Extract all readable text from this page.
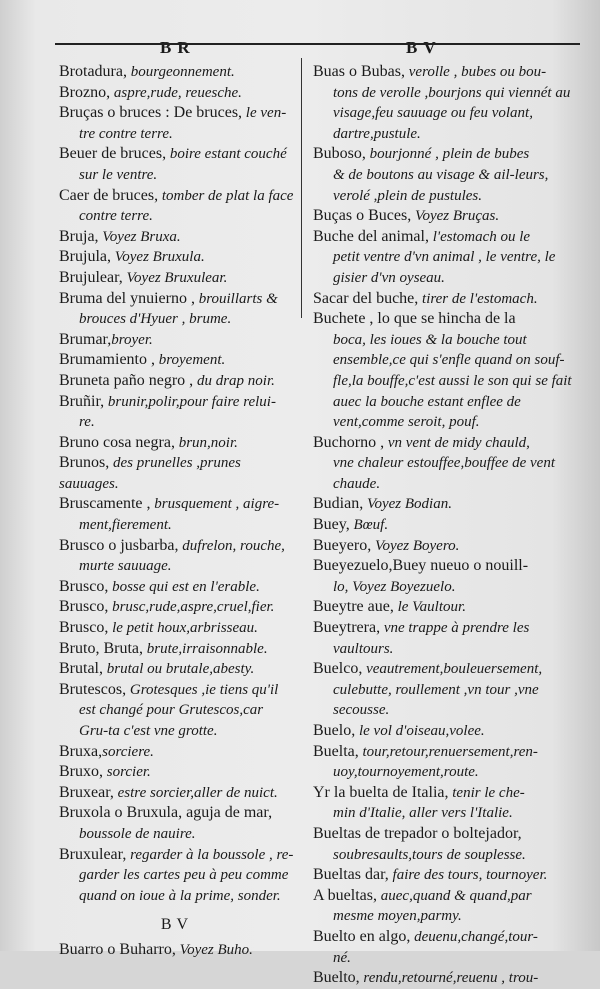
BR	BV

Brotadura, bourgeonnement.

Brozno, aspre,rude, reuesche.

Bruças o bruces : De bruces, le ven-
tre contre terre.

Beuer de bruces, boire estant couché
sur le ventre.

Caer de bruces, tomber de plat la face
contre terre.

Bruja, Voyez Bruxa.

Brujula, Voyez Bruxula.

Brujulear, Voyez Bruxulear.

Bruma del ynuierno , brouillarts &
brouces d'Hyuer , brume.

Brumar,broyer.

Brumamiento , broyement.

Bruneta paño negro , du drap noir.

Bruñir, brunir,polir,pour faire relui-
re.

Bruno cosa negra, brun,noir.

Brunos, des prunelles ,prunes sauuages.

Bruscamente , brusquement , aigre-
ment,fierement.

Brusco o jusbarba, dufrelon, rouche,
murte sauuage.

Brusco, bosse qui est en l'erable.

Brusco, brusc,rude,aspre,cruel,fier.

Brusco, le petit houx,arbrisseau.

Bruto, Bruta, brute,irraisonnable.

Brutal, brutal ou brutale,abesty.

Brutescos, Grotesques ,ie tiens qu'il
est changé pour Grutescos,car Gru-ta c'est vne grotte.

Bruxa,sorciere.

Bruxo, sorcier.

Bruxear, estre sorcier,aller de nuict.

Bruxola o Bruxula, aguja de mar,
boussole de nauire.

Bruxulear, regarder à la boussole , re-
garder les cartes peu à peu comme quand on ioue à la prime, sonder.

BV

Buarro o Buharro, Voyez Buho.

Buas o Bubas, verolle , bubes ou bou-
tons de verolle ,bourjons qui viennét au visage,feu sauuage ou feu volant, dartre,pustule.

Buboso, bourjonné , plein de bubes
& de boutons au visage & ail-leurs, verolé ,plein de pustules.

Buças o Buces, Voyez Bruças.

Buche del animal, l'estomach ou le
petit ventre d'vn animal , le ventre, le gisier d'vn oyseau.

Sacar del buche, tirer de l'estomach.

Buchete , lo que se hincha de la
boca, les ioues & la bouche tout ensemble,ce qui s'enfle quand on souf-fle,la bouffe,c'est aussi le son qui se fait auec la bouche estant enflee de vent,comme seroit, pouf.

Buchorno , vn vent de midy chauld,
vne chaleur estouffee,bouffee de vent chaude.

Budian, Voyez Bodian.

Buey, Bœuf.

Bueyero, Voyez Boyero.

Bueyezuelo,Buey nueuo o nouill-
lo, Voyez Boyezuelo.

Bueytre aue, le Vaultour.

Bueytrera, vne trappe à prendre les
vaultours.

Buelco, veautrement,bouleuersement,
culebutte, roullement ,vn tour ,vne secousse.

Buelo, le vol d'oiseau,volee.

Buelta, tour,retour,renuersement,ren-
uoy,tournoyement,route.

Yr la buelta de Italia, tenir le che-
min d'Italie, aller vers l'Italie.

Bueltas de trepador o boltejador,
soubresaults,tours de souplesse.

Bueltas dar, faire des tours, tournoyer.

A bueltas, auec,quand & quand,par
mesme moyen,parmy.

Buelto en algo, deuenu,changé,tour-
né.

Buelto, rendu,retourné,reuenu , trou-
